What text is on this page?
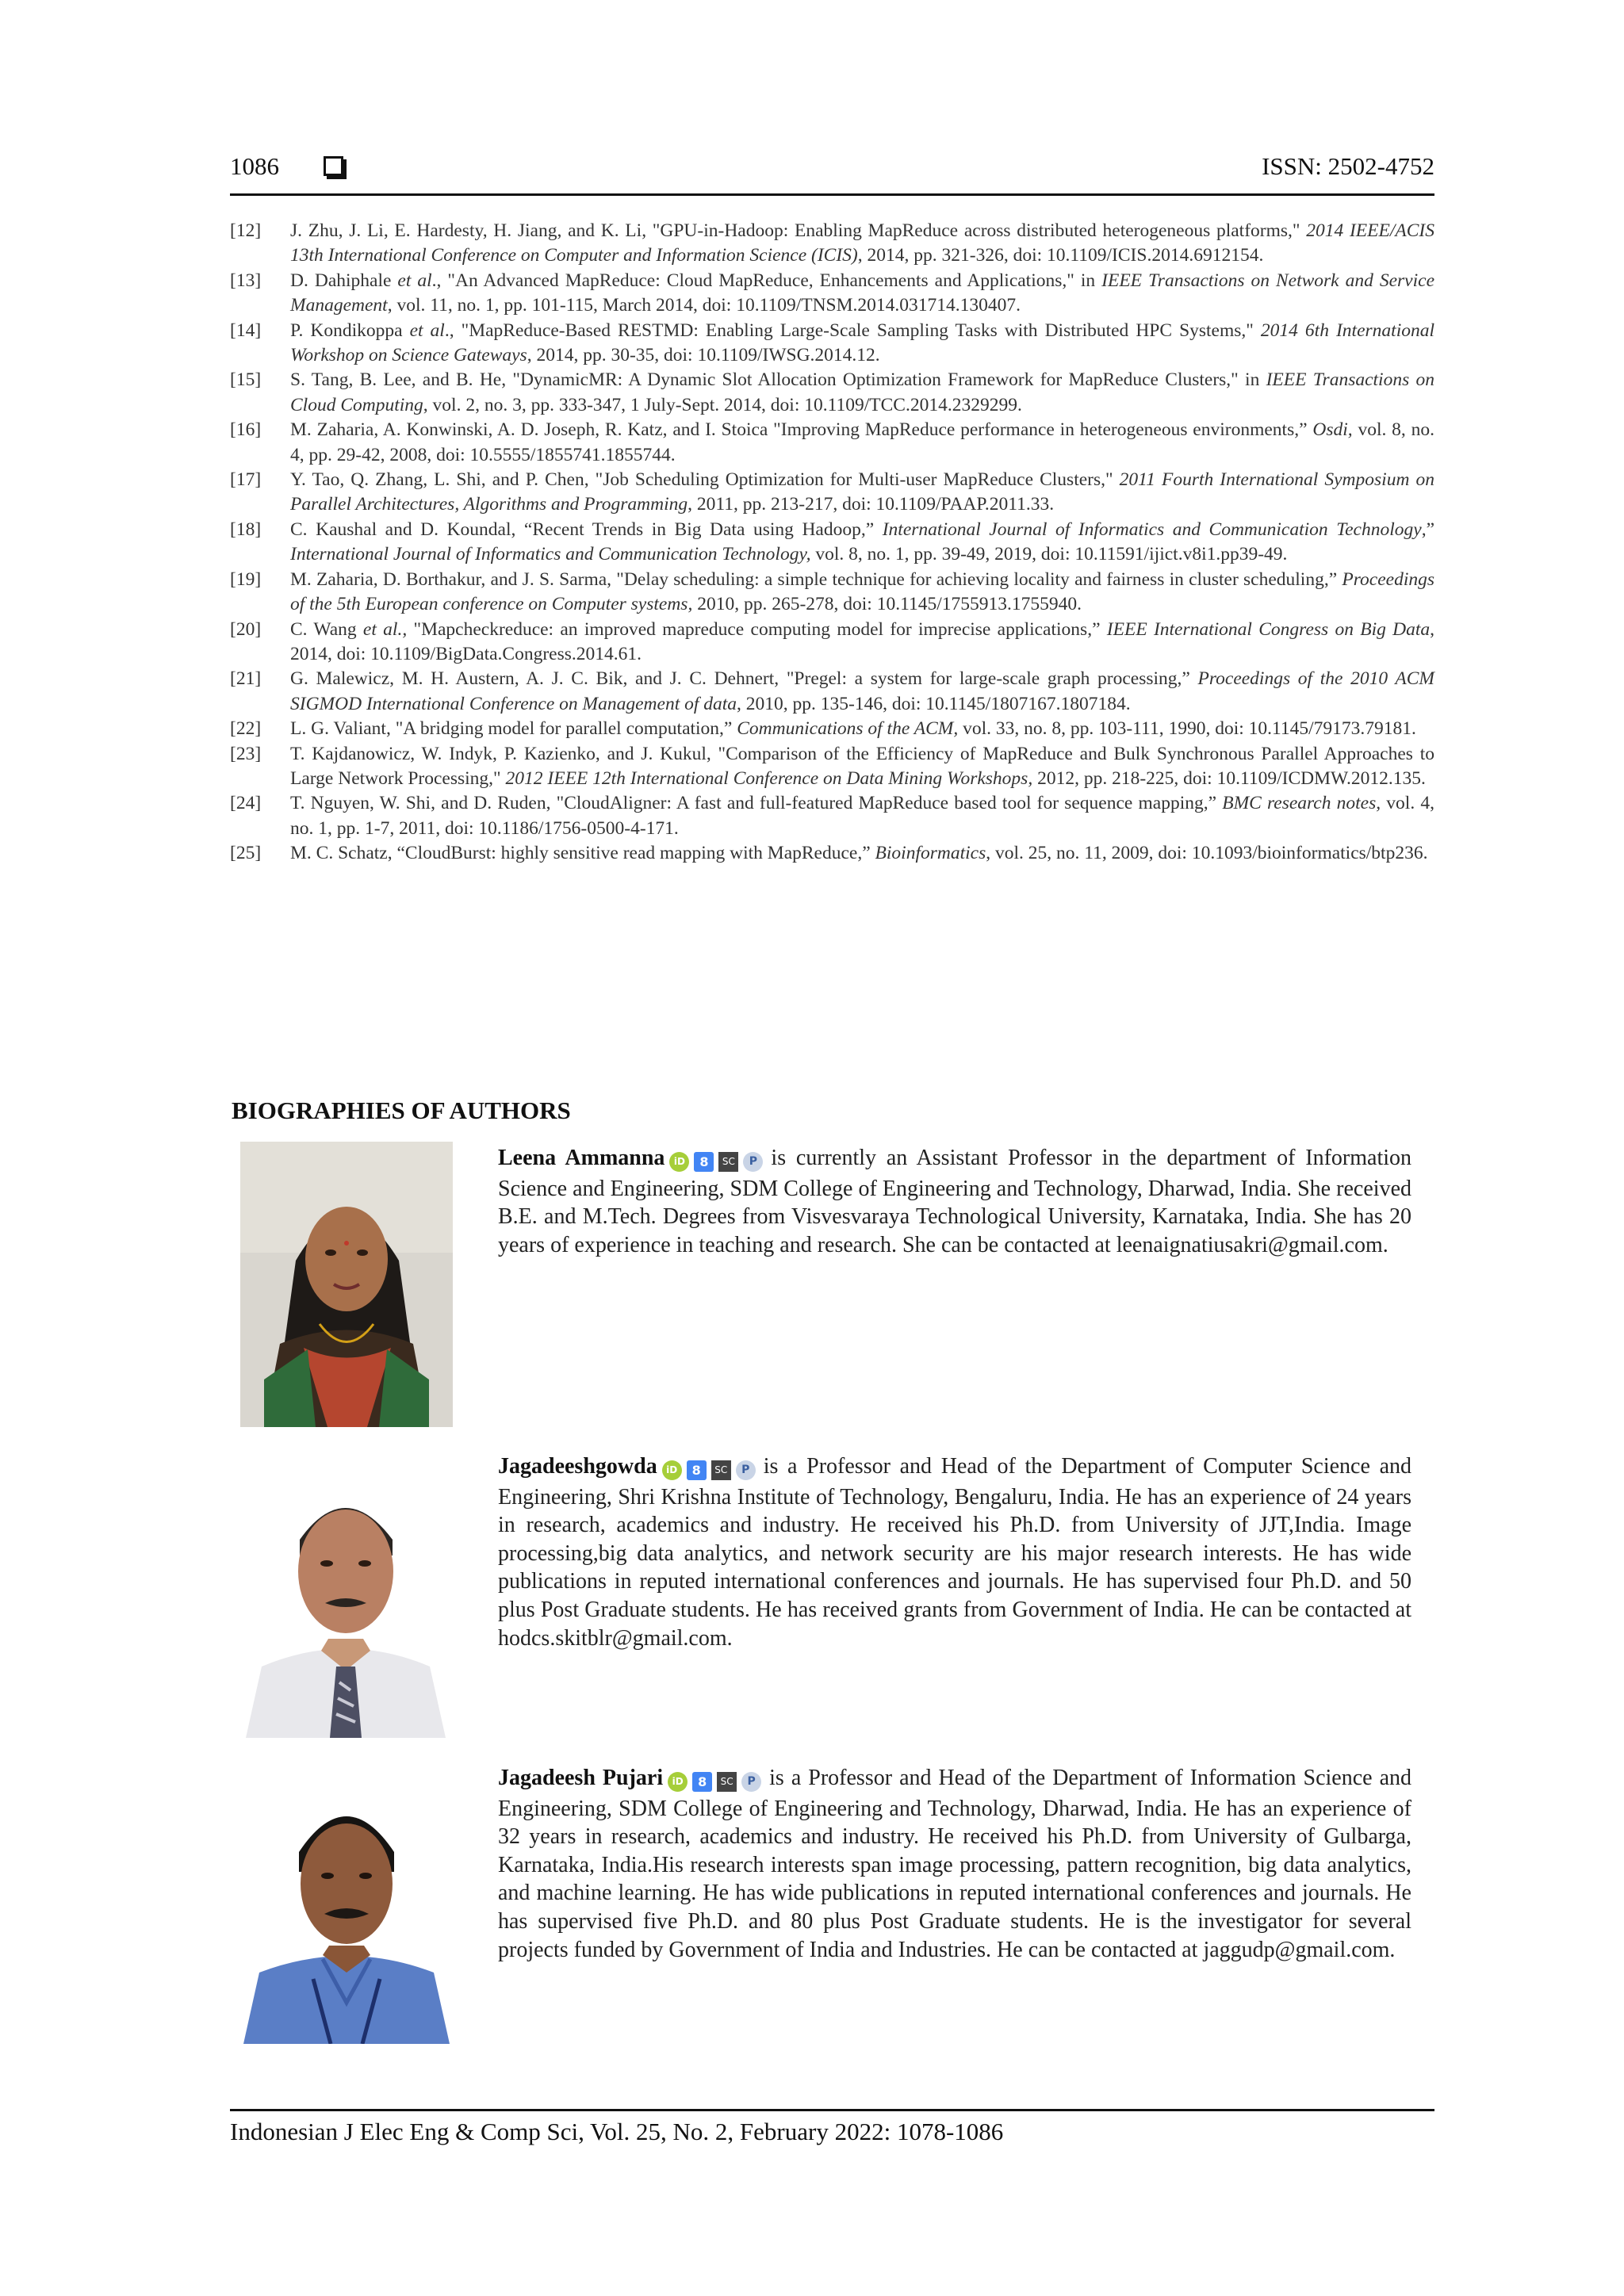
1086	ISSN: 2502-4752
[12] J. Zhu, J. Li, E. Hardesty, H. Jiang, and K. Li, "GPU-in-Hadoop: Enabling MapReduce across distributed heterogeneous platforms," 2014 IEEE/ACIS 13th International Conference on Computer and Information Science (ICIS), 2014, pp. 321-326, doi: 10.1109/ICIS.2014.6912154.
[13] D. Dahiphale et al., "An Advanced MapReduce: Cloud MapReduce, Enhancements and Applications," in IEEE Transactions on Network and Service Management, vol. 11, no. 1, pp. 101-115, March 2014, doi: 10.1109/TNSM.2014.031714.130407.
[14] P. Kondikoppa et al., "MapReduce-Based RESTMD: Enabling Large-Scale Sampling Tasks with Distributed HPC Systems," 2014 6th International Workshop on Science Gateways, 2014, pp. 30-35, doi: 10.1109/IWSG.2014.12.
[15] S. Tang, B. Lee, and B. He, "DynamicMR: A Dynamic Slot Allocation Optimization Framework for MapReduce Clusters," in IEEE Transactions on Cloud Computing, vol. 2, no. 3, pp. 333-347, 1 July-Sept. 2014, doi: 10.1109/TCC.2014.2329299.
[16] M. Zaharia, A. Konwinski, A. D. Joseph, R. Katz, and I. Stoica "Improving MapReduce performance in heterogeneous environments,” Osdi, vol. 8, no. 4, pp. 29-42, 2008, doi: 10.5555/1855741.1855744.
[17] Y. Tao, Q. Zhang, L. Shi, and P. Chen, "Job Scheduling Optimization for Multi-user MapReduce Clusters," 2011 Fourth International Symposium on Parallel Architectures, Algorithms and Programming, 2011, pp. 213-217, doi: 10.1109/PAAP.2011.33.
[18] C. Kaushal and D. Koundal, “Recent Trends in Big Data using Hadoop,” International Journal of Informatics and Communication Technology,” International Journal of Informatics and Communication Technology, vol. 8, no. 1, pp. 39-49, 2019, doi: 10.11591/ijict.v8i1.pp39-49.
[19] M. Zaharia, D. Borthakur, and J. S. Sarma, "Delay scheduling: a simple technique for achieving locality and fairness in cluster scheduling,” Proceedings of the 5th European conference on Computer systems, 2010, pp. 265-278, doi: 10.1145/1755913.1755940.
[20] C. Wang et al., "Mapcheckreduce: an improved mapreduce computing model for imprecise applications,” IEEE International Congress on Big Data, 2014, doi: 10.1109/BigData.Congress.2014.61.
[21] G. Malewicz, M. H. Austern, A. J. C. Bik, and J. C. Dehnert, "Pregel: a system for large-scale graph processing,” Proceedings of the 2010 ACM SIGMOD International Conference on Management of data, 2010, pp. 135-146, doi: 10.1145/1807167.1807184.
[22] L. G. Valiant, "A bridging model for parallel computation,” Communications of the ACM, vol. 33, no. 8, pp. 103-111, 1990, doi: 10.1145/79173.79181.
[23] T. Kajdanowicz, W. Indyk, P. Kazienko, and J. Kukul, "Comparison of the Efficiency of MapReduce and Bulk Synchronous Parallel Approaches to Large Network Processing," 2012 IEEE 12th International Conference on Data Mining Workshops, 2012, pp. 218-225, doi: 10.1109/ICDMW.2012.135.
[24] T. Nguyen, W. Shi, and D. Ruden, "CloudAligner: A fast and full-featured MapReduce based tool for sequence mapping,” BMC research notes, vol. 4, no. 1, pp. 1-7, 2011, doi: 10.1186/1756-0500-4-171.
[25] M. C. Schatz, “CloudBurst: highly sensitive read mapping with MapReduce,” Bioinformatics, vol. 25, no. 11, 2009, doi: 10.1093/bioinformatics/btp236.
BIOGRAPHIES OF AUTHORS
Leena Ammanna iD 8 SC P is currently an Assistant Professor in the department of Information Science and Engineering, SDM College of Engineering and Technology, Dharwad, India. She received B.E. and M.Tech. Degrees from Visvesvaraya Technological University, Karnataka, India. She has 20 years of experience in teaching and research. She can be contacted at leenaignatiusakri@gmail.com.
Jagadeeshgowda iD 8 SC P is a Professor and Head of the Department of Computer Science and Engineering, Shri Krishna Institute of Technology, Bengaluru, India. He has an experience of 24 years in research, academics and industry. He received his Ph.D. from University of JJT,India. Image processing,big data analytics, and network security are his major research interests. He has wide publications in reputed international conferences and journals. He has supervised four Ph.D. and 50 plus Post Graduate students. He has received grants from Government of India. He can be contacted at hodcs.skitblr@gmail.com.
Jagadeesh Pujari iD 8 SC P is a Professor and Head of the Department of Information Science and Engineering, SDM College of Engineering and Technology, Dharwad, India. He has an experience of 32 years in research, academics and industry. He received his Ph.D. from University of Gulbarga, Karnataka, India.His research interests span image processing, pattern recognition, big data analytics, and machine learning. He has wide publications in reputed international conferences and journals. He has supervised five Ph.D. and 80 plus Post Graduate students. He is the investigator for several projects funded by Government of India and Industries. He can be contacted at jaggudp@gmail.com.
Indonesian J Elec Eng & Comp Sci, Vol. 25, No. 2, February 2022: 1078-1086
